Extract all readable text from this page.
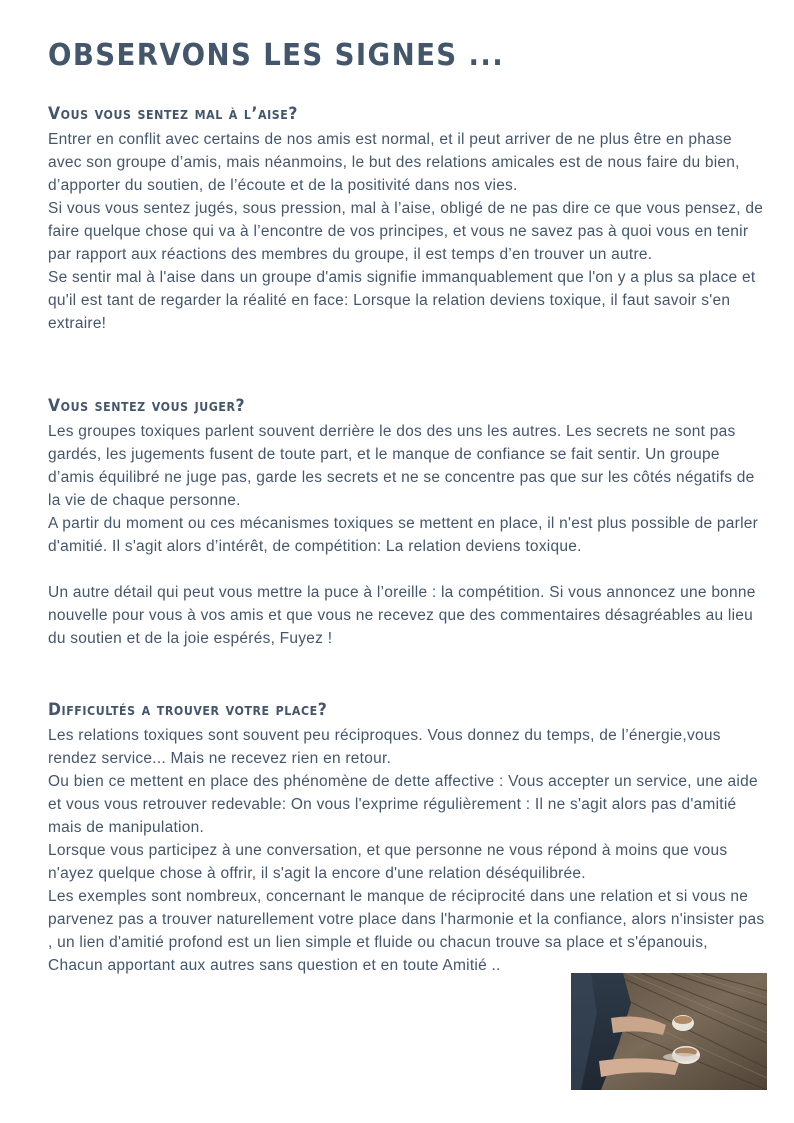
OBSERVONS LES SIGNES ...
Vous vous sentez mal à l’aise?

Entrer en conflit avec certains de nos amis est normal, et il peut arriver de ne plus être en phase avec son groupe d’amis, mais néanmoins, le but des relations amicales est de nous faire du bien, d’apporter du soutien, de l’écoute et de la positivité dans nos vies.

Si vous vous sentez jugés, sous pression, mal à l’aise, obligé de ne pas dire ce que vous pensez, de faire quelque chose qui va à l’encontre de vos principes, et vous ne savez pas à quoi vous en tenir par rapport aux réactions des membres du groupe, il est temps d’en trouver un autre.

Se sentir mal à l'aise dans un groupe d'amis signifie immanquablement que l'on y a plus sa place et qu'il est tant de regarder la réalité en face: Lorsque la relation deviens toxique, il faut savoir s'en extraire!

Vous sentez vous juger?

Les groupes toxiques parlent souvent derrière le dos des uns les autres. Les secrets ne sont pas gardés, les jugements fusent de toute part, et le manque de confiance se fait sentir. Un groupe d’amis équilibré ne juge pas, garde les secrets et ne se concentre pas que sur les côtés négatifs de la vie de chaque personne.

A partir du moment ou ces mécanismes toxiques se mettent en place, il n'est plus possible de parler d'amitié. Il s'agit alors d’intérêt, de compétition: La relation deviens toxique.

Un autre détail qui peut vous mettre la puce à l’oreille : la compétition. Si vous annoncez une bonne nouvelle pour vous à vos amis et que vous ne recevez que des commentaires désagréables au lieu du soutien et de la joie espérés, Fuyez !

Difficultés a trouver votre place?

Les relations toxiques sont souvent peu réciproques. Vous donnez du temps, de l’énergie,vous rendez service... Mais ne recevez rien en retour.

Ou bien ce mettent en place des phénomène de dette affective : Vous accepter un service, une aide et vous vous retrouver redevable: On vous l'exprime régulièrement : Il ne s'agit alors pas d'amitié mais de manipulation.

Lorsque vous participez à une conversation, et que personne ne vous répond à moins que vous n'ayez quelque chose à offrir, il s'agit la encore d'une relation déséquilibrée.

Les exemples sont nombreux, concernant le manque de réciprocité dans une relation et si vous ne parvenez pas a trouver naturellement votre place dans l'harmonie et la confiance, alors n'insister pas , un lien d'amitié profond est un lien simple et fluide ou chacun trouve sa place et s'épanouis,

Chacun apportant aux autres sans question et en toute Amitié ..
